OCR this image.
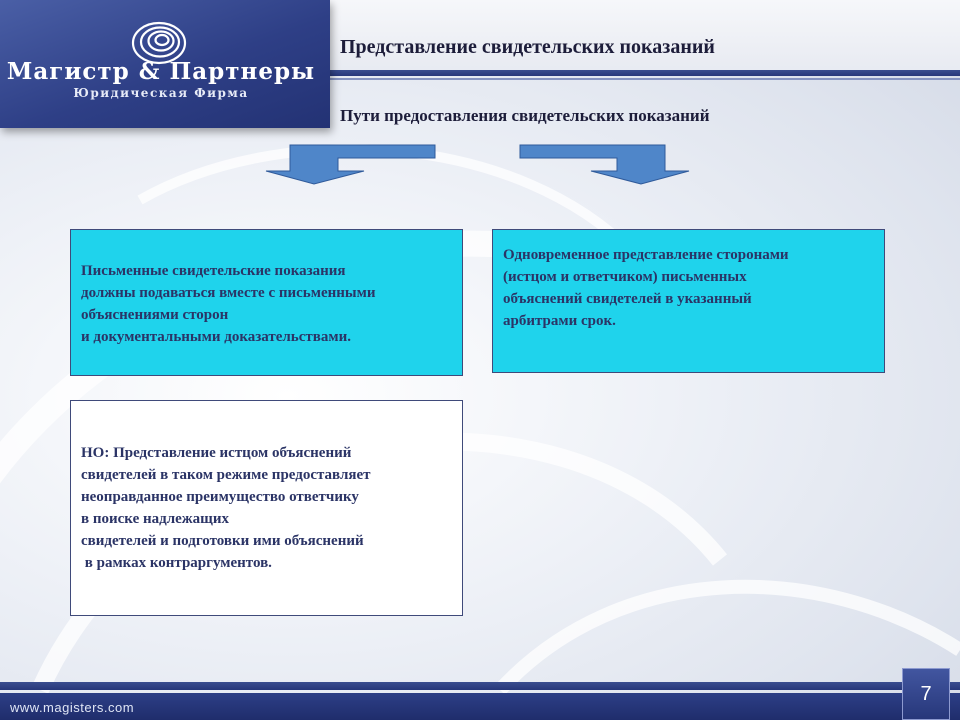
Магистр & Партнеры
Юридическая Фирма
Представление свидетельских показаний
Пути предоставления свидетельских показаний
Письменные свидетельские показания
должны подаваться вместе с письменными
объяснениями сторон
и документальными доказательствами.
Одновременное представление сторонами
(истцом и ответчиком) письменных
объяснений свидетелей в указанный
арбитрами срок.
НО: Представление истцом объяснений
свидетелей в таком режиме предоставляет
неоправданное преимущество ответчику
в поиске надлежащих
свидетелей и подготовки ими объяснений
в рамках контраргументов.
www.magisters.com
7
